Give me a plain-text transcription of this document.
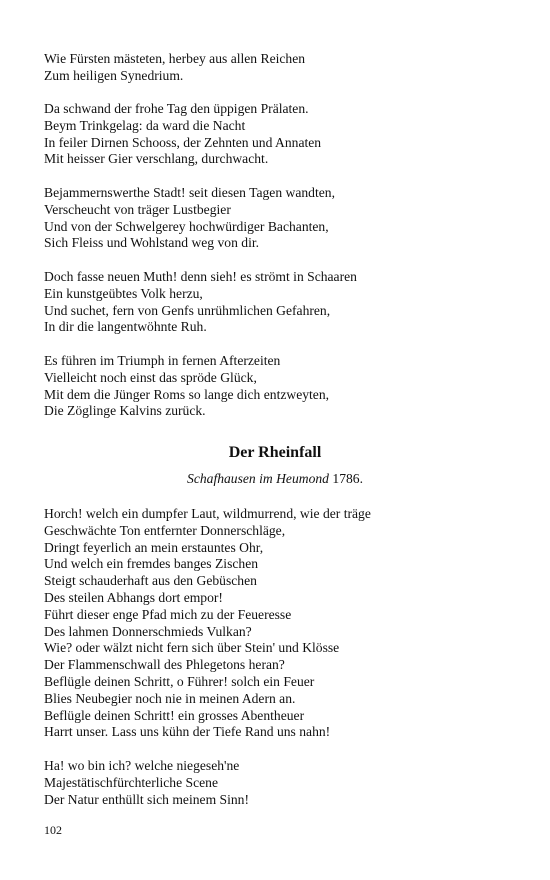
Wie Fürsten mästeten, herbey aus allen Reichen
Zum heiligen Synedrium.
Da schwand der frohe Tag den üppigen Prälaten.
Beym Trinkgelag: da ward die Nacht
In feiler Dirnen Schooss, der Zehnten und Annaten
Mit heisser Gier verschlang, durchwacht.
Bejammernswerthe Stadt! seit diesen Tagen wandten,
Verscheucht von träger Lustbegier
Und von der Schwelgerey hochwürdiger Bachanten,
Sich Fleiss und Wohlstand weg von dir.
Doch fasse neuen Muth! denn sieh! es strömt in Schaaren
Ein kunstgeübtes Volk herzu,
Und suchet, fern von Genfs unrühmlichen Gefahren,
In dir die langentwöhnte Ruh.
Es führen im Triumph in fernen Afterzeiten
Vielleicht noch einst das spröde Glück,
Mit dem die Jünger Roms so lange dich entzweyten,
Die Zöglinge Kalvins zurück.
Der Rheinfall
Schafhausen im Heumond 1786.
Horch! welch ein dumpfer Laut, wildmurrend, wie der träge
Geschwächte Ton entfernter Donnerschläge,
Dringt feyerlich an mein erstauntes Ohr,
Und welch ein fremdes banges Zischen
Steigt schauderhaft aus den Gebüschen
Des steilen Abhangs dort empor!
Führt dieser enge Pfad mich zu der Feueresse
Des lahmen Donnerschmieds Vulkan?
Wie? oder wälzt nicht fern sich über Stein' und Klösse
Der Flammenschwall des Phlegetons heran?
Beflügle deinen Schritt, o Führer! solch ein Feuer
Blies Neubegier noch nie in meinen Adern an.
Beflügle deinen Schritt! ein grosses Abentheuer
Harrt unser. Lass uns kühn der Tiefe Rand uns nahn!
Ha! wo bin ich? welche niegeseh'ne
Majestätischfürchterliche Scene
Der Natur enthüllt sich meinem Sinn!
102
